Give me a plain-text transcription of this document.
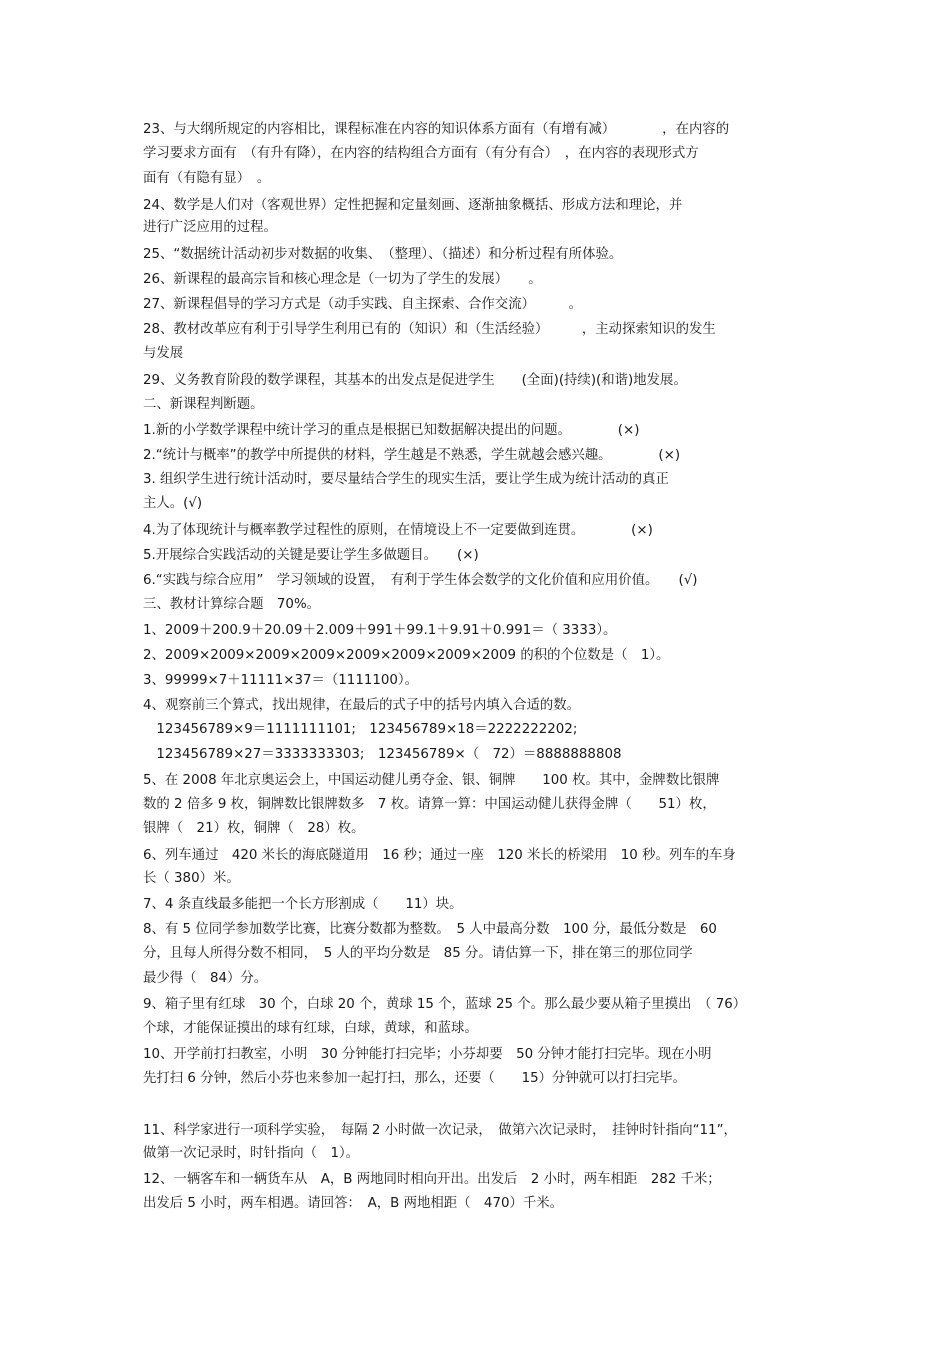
23、与大纲所规定的内容相比，课程标准在内容的知识体系方面有（有增有减）　　　　，在内容的
学习要求方面有　（有升有降），在内容的结构组合方面有（有分有合）　，在内容的表现形式方
面有（有隐有显）　。
24、数学是人们对（客观世界）定性把握和定量刻画、逐渐抽象概括、形成方法和理论，并
进行广泛应用的过程。
25、“数据统计活动初步对数据的收集、　（整理）、（描述）和分析过程有所体验。
26、新课程的最高宗旨和核心理念是（一切为了学生的发展）　　。
27、新课程倡导的学习方式是（动手实践、自主探索、合作交流）　　　。
28、教材改革应有利于引导学生利用已有的（知识）和（生活经验）　　　，主动探索知识的发生
与发展
29、义务教育阶段的数学课程，其基本的出发点是促进学生　　(全面)(持续)(和谐)地发展。
二、新课程判断题。
1.新的小学数学课程中统计学习的重点是根据已知数据解决提出的问题。　　　　(×)
2.“统计与概率”的教学中所提供的材料，学生越是不熟悉，学生就越会感兴趣。　　　　(×)
3. 组织学生进行统计活动时，要尽量结合学生的现实生活，要让学生成为统计活动的真正
主人。(√)
4.为了体现统计与概率教学过程性的原则，在情境设上不一定要做到连贯。　　　　(×)
5.开展综合实践活动的关键是要让学生多做题目。　　(×)
6.“实践与综合应用”　学习领域的设置，　有利于学生体会数学的文化价值和应用价值。　　(√)
三、教材计算综合题　70%。
1、2009＋200.9＋20.09＋2.009＋991＋99.1＋9.91＋0.991＝（ 3333）。
2、2009×2009×2009×2009×2009×2009×2009×2009 的积的个位数是（　1）。
3、99999×7＋11111×37＝（1111100）。
4、观察前三个算式，找出规律，在最后的式子中的括号内填入合适的数。
　123456789×9＝1111111101;　123456789×18＝2222222202;
　123456789×27＝3333333303;　123456789×（　72）＝8888888808
5、在 2008 年北京奥运会上，中国运动健儿勇夺金、银、铜牌　　100 枚。其中，金牌数比银牌
数的 2 倍多 9 枚，铜牌数比银牌数多　7 枚。请算一算：中国运动健儿获得金牌（　　51）枚，
银牌（　21）枚，铜牌（　28）枚。
6、列车通过　420 米长的海底隧道用　16 秒；通过一座　120 米长的桥梁用　10 秒。列车的车身
长（ 380）米。
7、4 条直线最多能把一个长方形割成（　　11）块。
8、有 5 位同学参加数学比赛，比赛分数都为整数。　5 人中最高分数　100 分，最低分数是　60
分，且每人所得分数不相同，　5 人的平均分数是　85 分。请估算一下，排在第三的那位同学
最少得（　84）分。
9、箱子里有红球　30 个，白球 20 个，黄球 15 个，蓝球 25 个。那么最少要从箱子里摸出　（ 76）
个球，才能保证摸出的球有红球，白球，黄球，和蓝球。
10、开学前打扫教室，小明　30 分钟能打扫完毕；小芬却要　50 分钟才能打扫完毕。现在小明
先打扫 6 分钟，然后小芬也来参加一起打扫，那么，还要（　　15）分钟就可以打扫完毕。
11、科学家进行一项科学实验，　每隔 2 小时做一次记录，　做第六次记录时，　挂钟时针指向“11”，
做第一次记录时，时针指向（　1）。
12、一辆客车和一辆货车从　A，B 两地同时相向开出。出发后　2 小时，两车相距　282 千米；
出发后 5 小时，两车相遇。请回答：　A，B 两地相距（　470）千米。
